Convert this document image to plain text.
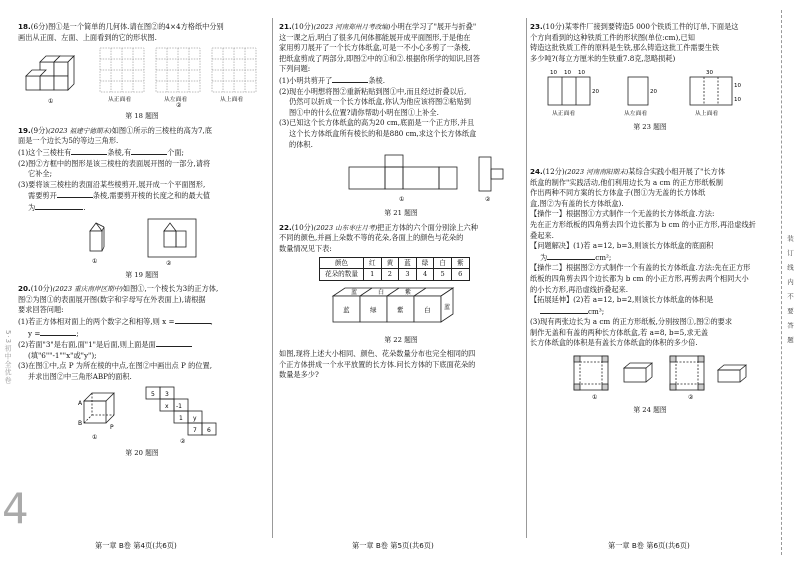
5·3初中全优卷
4

18.(6分)图①是一个简单的几何体.请在图②的4×4方格纸中分别

画出从正面、左面、上面看到的它的形状图.

①	从正面看	从左面看	从上面看
②
第 18 题图

19.(9分)(2023 福建宁德期末)如图①所示的三棱柱的高为7,底

面是一个边长为5的等边三角形.

(1)这个三棱柱有	条棱,有	个面;

(2)图②方框中的图形是该三棱柱的表面展开图的一部分,请将

它补全;

(3)要将该三棱柱的表面沿某些棱剪开,展开成一个平面图形,

需要剪开	条棱,需要剪开棱的长度之和的最大值

为	.

①	②
第 19 题图

20.(10分)(2023 重庆南岸区期中)如图①,一个棱长为3的正方体,

图②为图①的表面展开图(数字和字母写在外表面上),请根据

要求回答问题:

(1)若正方体相对面上的两个数字之和相等,则 x =	,

y =	;

(2)若面"3"是右面,面"1"是后面,则上面是面

(填"6""-1""x"或"y");

(3)在图①中,点 P 为所在棱的中点,在图②中画出点 P 的位置,

并求出图②中三角形ABP的面积.

A
B
P
①
5 3
x -1
1 y
7 6
②
第 20 题图

21.(10分)(2023 河南郑州月考改编)小明在学习了"展开与折叠"

这一课之后,明白了很多几何体都能展开成平面图形,于是他在

家用剪刀展开了一个长方体纸盒,可是一不小心多剪了一条棱,

把纸盒剪成了两部分,即图②中的①和②.根据你所学的知识,回答

下列问题:

(1)小明共剪开了	条棱.

(2)现在小明想将图②重新粘贴到图①中,而且经过折叠以后,

仍然可以折成一个长方体纸盒,你认为他应该将图②粘贴到

图①中的什么位置?请你帮助小明在图①上补全.

(3)已知这个长方体纸盒的高为20 cm,底面是一个正方形,并且

这个长方体纸盒所有棱长的和是880 cm,求这个长方体纸盒

的体积.

①	②
第 21 题图

22.(10分)(2023 山东枣庄月考)把正方体的六个面分别涂上六种

不同的颜色,并画上朵数不等的花朵,各面上的颜色与花朵的

数量情况见下表:

颜色	红	黄	蓝	绿	白	紫
花朵的数量	1	2	3	4	5	6
蓝	白	紫
蓝	绿	紫	白 蓝
第 22 题图

如图,现将上述大小相同、颜色、花朵数量分布也完全相同的四

个正方体拼成一个水平放置的长方体.问长方体的下底面花朵的

数量是多少?

23.(10分)某零件厂接到要铸造5 000个铁质工件的订单,下面是这

个方向看到的这种铁质工件的形状图(单位:cm),已知

铸造这批铁质工件的原料是生铁,那么铸造这批工件需要生铁

多少吨?(每立方厘米的生铁重7.8克,忽略损耗)

10 10 10
20	20
30
10
10
从正面看	从左面看	从上面看
第 23 题图

24.(12分)(2023 河南南阳期末)某综合实践小组开展了"长方体

纸盒的制作"实践活动,他们利用边长为 a cm 的正方形纸板制

作出两种不同方案的长方体盒子(图①为无盖的长方体纸

盒,图②为有盖的长方体纸盒).

【操作一】根据图①方式制作一个无盖的长方体纸盒.方法:

先在正方形纸板的四角剪去四个边长都为 b cm 的小正方形,再沿虚线折

叠起来.

【问题解决】(1)若 a=12, b=3,则该长方体纸盒的底面积

为	cm²;

【操作二】根据图②方式制作一个有盖的长方体纸盒.方法:先在正方形

纸板的四角剪去四个边长都为 b cm 的小正方形,再剪去两个相同大小

的小长方形,再沿虚线折叠起来.

【拓展延伸】(2)若 a=12, b=2,则该长方体纸盒的体积是

cm³;

(3)现有两张边长为 a cm 的正方形纸板,分别按图①,图②的要求

制作无盖和有盖的两种长方体纸盒,若 a=8, b=5,求无盖

长方体纸盒的体积是有盖长方体纸盒的体积的多少倍.

①	②
第 24 题图
第一章 B卷 第4页(共6页)	第一章 B卷 第5页(共6页)	第一章 B卷 第6页(共6页)
装订线内不要答题
